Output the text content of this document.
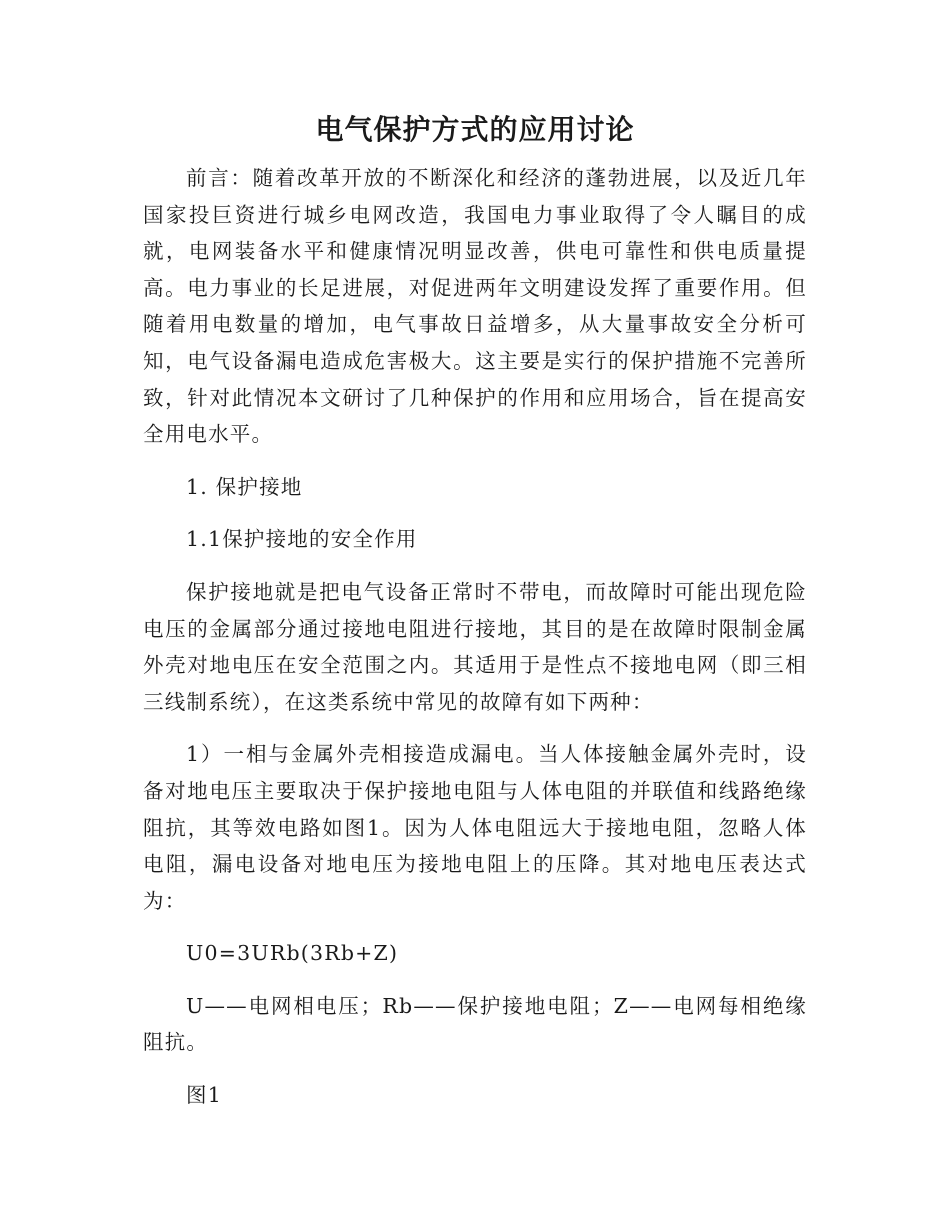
电气保护方式的应用讨论

前言：随着改革开放的不断深化和经济的蓬勃进展，以及近几年国家投巨资进行城乡电网改造，我国电力事业取得了令人瞩目的成就，电网装备水平和健康情况明显改善，供电可靠性和供电质量提高。电力事业的长足进展，对促进两年文明建设发挥了重要作用。但随着用电数量的增加，电气事故日益增多，从大量事故安全分析可知，电气设备漏电造成危害极大。这主要是实行的保护措施不完善所致，针对此情况本文研讨了几种保护的作用和应用场合，旨在提高安全用电水平。

1. 保护接地

1.1保护接地的安全作用

保护接地就是把电气设备正常时不带电，而故障时可能出现危险电压的金属部分通过接地电阻进行接地，其目的是在故障时限制金属外壳对地电压在安全范围之内。其适用于是性点不接地电网（即三相三线制系统），在这类系统中常见的故障有如下两种：

1）一相与金属外壳相接造成漏电。当人体接触金属外壳时，设备对地电压主要取决于保护接地电阻与人体电阻的并联值和线路绝缘阻抗，其等效电路如图1。因为人体电阻远大于接地电阻，忽略人体电阻，漏电设备对地电压为接地电阻上的压降。其对地电压表达式为：

U0=3URb(3Rb+Z)

U——电网相电压；Rb——保护接地电阻；Z——电网每相绝缘阻抗。

图1
